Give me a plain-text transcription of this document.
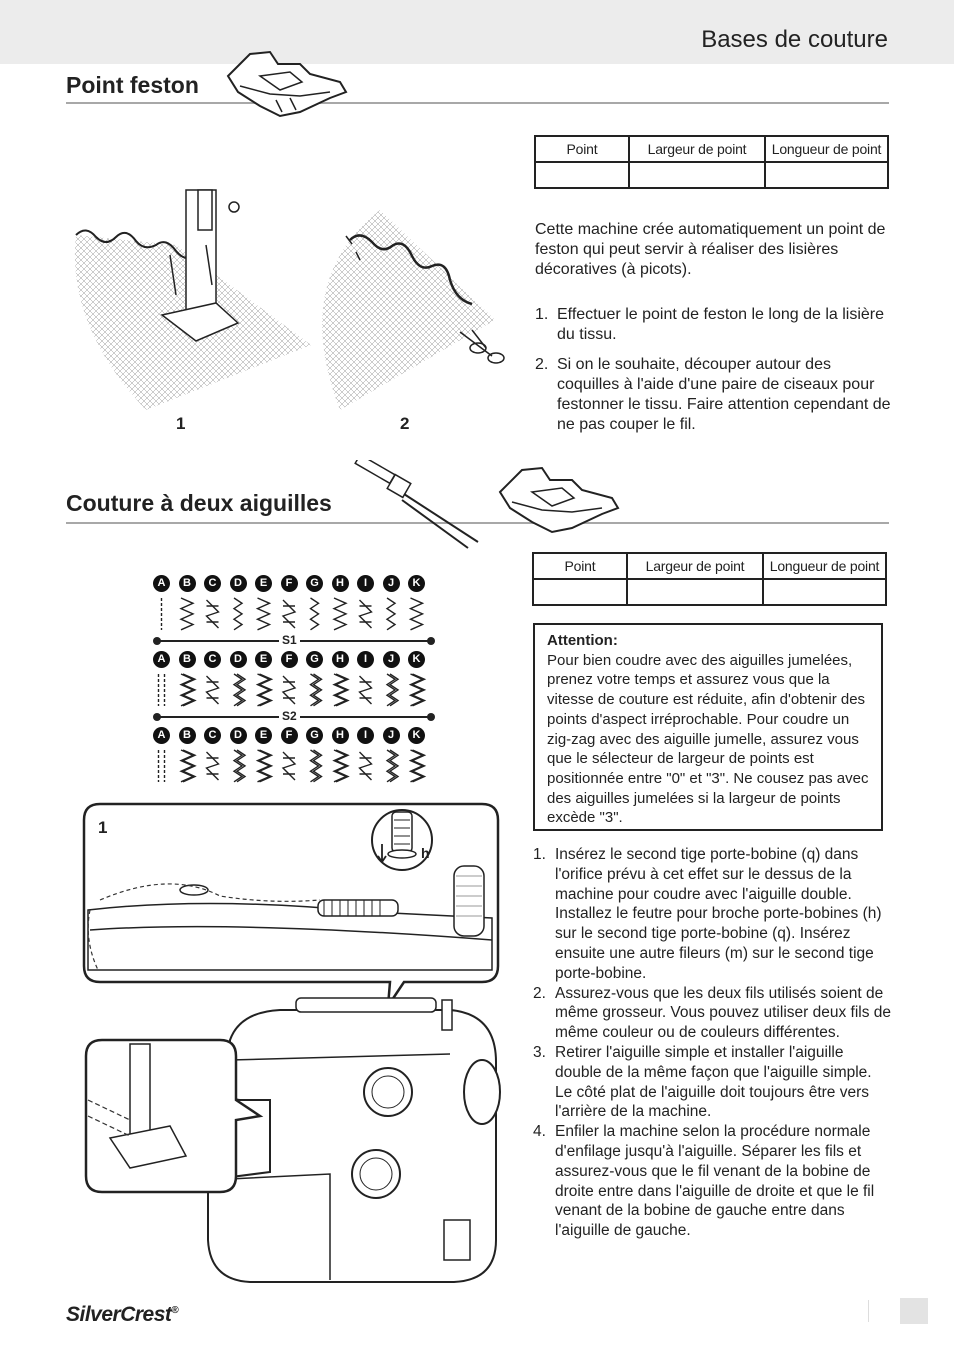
Bases de couture
Point feston
Point	Largeur de point	Longueur de point

1	2
Cette machine crée automatiquement un point de feston qui peut servir à réaliser des lisières décoratives (à picots).
1. Effectuer le point de feston le long de la lisière du tissu.
2. Si on le souhaite, découper autour des coquilles à l'aide d'une paire de ciseaux pour festonner le tissu. Faire attention cependant de ne pas couper le fil.
Couture à deux aiguilles
Point	Largeur de point	Longueur de point

Attention:
Pour bien coudre avec des aiguilles jumelées, prenez votre temps et assurez vous que la vitesse de couture est réduite, afin d'obtenir des points d'aspect irréprochable. Pour coudre un zig-zag avec des aiguille jumelle, assurez vous que le sélecteur de largeur de points est positionnée entre "0" et "3". Ne cousez pas avec des aiguilles jumelées si la largeur de points excède "3".
1. Insérez le second tige porte-bobine (q) dans l'orifice prévu à cet effet sur le dessus de la machine pour coudre avec l'aiguille double. Installez le feutre pour broche porte-bobines (h) sur le second tige porte-bobine (q). Insérez ensuite une autre fileurs (m) sur le second tige porte-bobine.
2. Assurez-vous que les deux fils utilisés soient de même grosseur. Vous pouvez utiliser deux fils de même couleur ou de couleurs différentes.
3. Retirer l'aiguille simple et installer l'aiguille double de la même façon que l'aiguille simple. Le côté plat de l'aiguille doit toujours être vers l'arrière de la machine.
4. Enfiler la machine selon la procédure normale d'enfilage jusqu'à l'aiguille. Séparer les fils et assurez-vous que le fil venant de la bobine de droite entre dans l'aiguille de droite et que le fil venant de la bobine de gauche entre dans l'aiguille de gauche.
A	B	C	D	E	F	G	H	I	J	K
S1
A	B	C	D	E	F	G	H	I	J	K
S2
A	B	C	D	E	F	G	H	I	J	K
1
h
SilverCrest®
